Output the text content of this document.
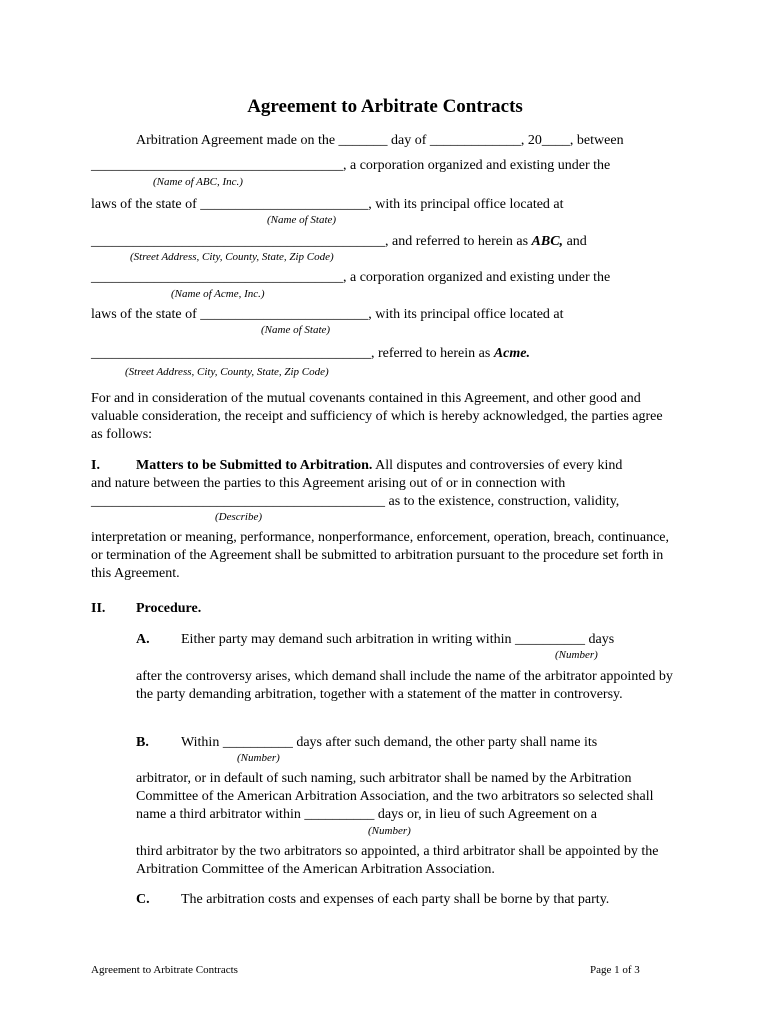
Agreement to Arbitrate Contracts
Arbitration Agreement made on the _______ day of _____________, 20____, between
____________________________________, a corporation organized and existing under the
(Name of ABC, Inc.)
laws of the state of ________________________, with its principal office located at
(Name of State)
__________________________________________, and referred to herein as ABC, and
(Street Address, City, County, State, Zip Code)
____________________________________, a corporation organized and existing under the
(Name of Acme, Inc.)
laws of the state of ________________________, with its principal office located at
(Name of State)
________________________________________, referred to herein as Acme.
(Street Address, City, County, State, Zip Code)
For and in consideration of the mutual covenants contained in this Agreement, and other good and valuable consideration, the receipt and sufficiency of which is hereby acknowledged, the parties agree as follows:
I.	Matters to be Submitted to Arbitration. All disputes and controversies of every kind
and nature between the parties to this Agreement arising out of or in connection with
__________________________________________ as to the existence, construction, validity,
(Describe)
interpretation or meaning, performance, nonperformance, enforcement, operation, breach, continuance, or termination of the Agreement shall be submitted to arbitration pursuant to the procedure set forth in this Agreement.
II. Procedure.
A. Either party may demand such arbitration in writing within __________ days
(Number)
after the controversy arises, which demand shall include the name of the arbitrator appointed by the party demanding arbitration, together with a statement of the matter in controversy.
B. Within __________ days after such demand, the other party shall name its
(Number)
arbitrator, or in default of such naming, such arbitrator shall be named by the Arbitration Committee of the American Arbitration Association, and the two arbitrators so selected shall name a third arbitrator within __________ days or, in lieu of such Agreement on a
(Number)
third arbitrator by the two arbitrators so appointed, a third arbitrator shall be appointed by the Arbitration Committee of the American Arbitration Association.
C. The arbitration costs and expenses of each party shall be borne by that party.
Agreement to Arbitrate Contracts	Page 1 of 3
